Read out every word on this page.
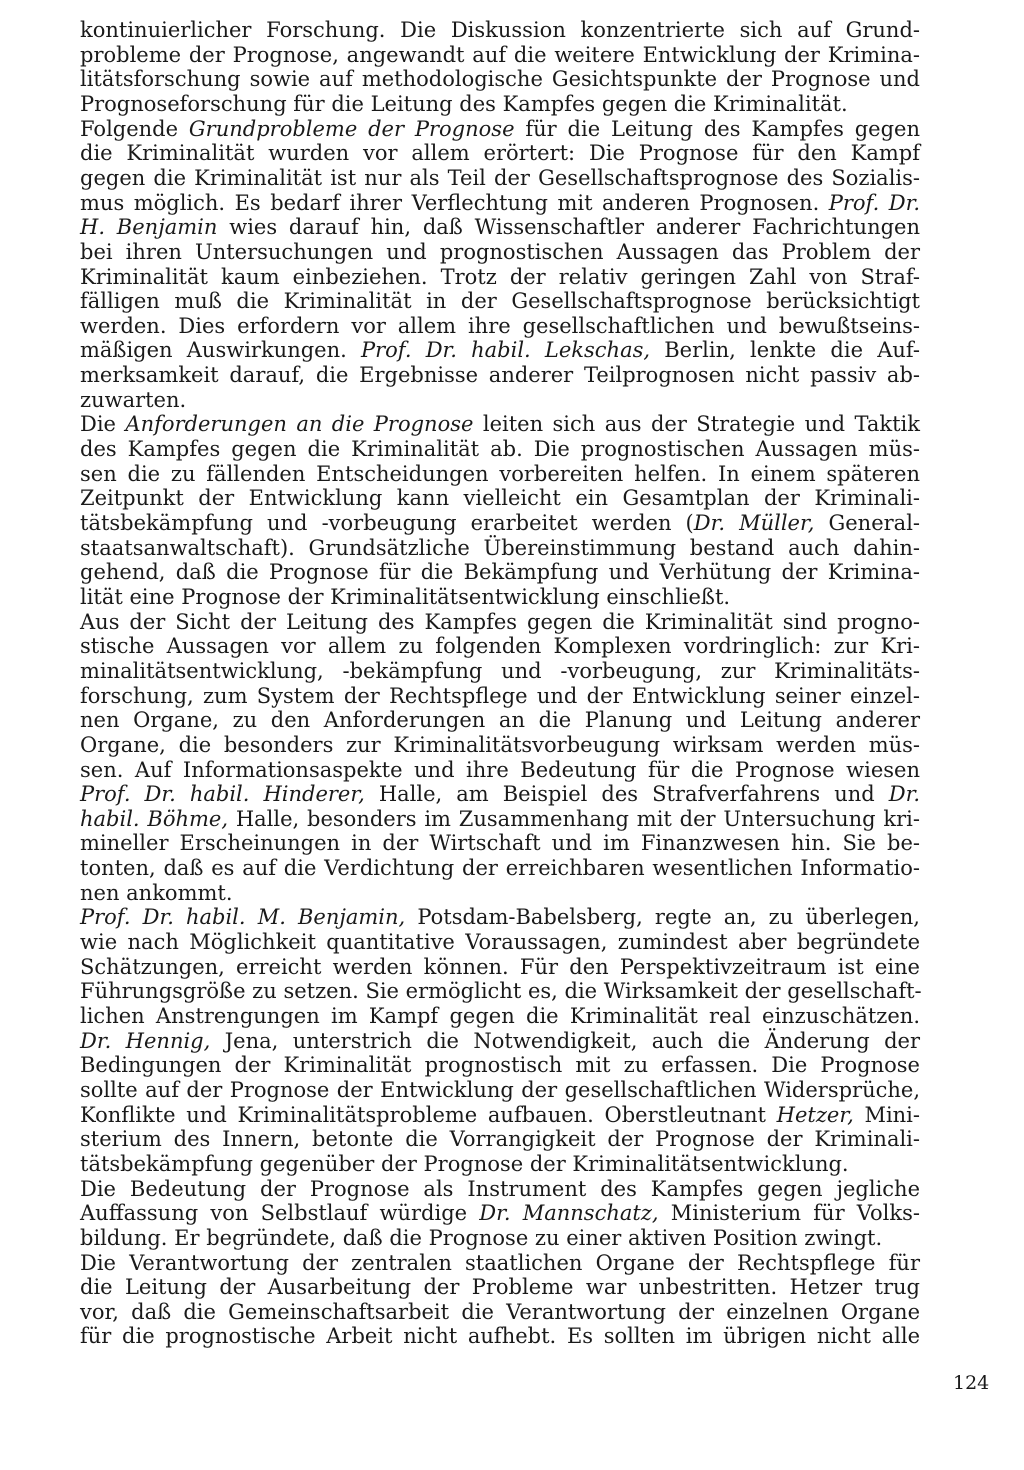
kontinuierlicher Forschung. Die Diskussion konzentrierte sich auf Grund-
probleme der Prognose, angewandt auf die weitere Entwicklung der Krimina-
litätsforschung sowie auf methodologische Gesichtspunkte der Prognose und
Prognoseforschung für die Leitung des Kampfes gegen die Kriminalität.
Folgende Grundprobleme der Prognose für die Leitung des Kampfes gegen
die Kriminalität wurden vor allem erörtert: Die Prognose für den Kampf
gegen die Kriminalität ist nur als Teil der Gesellschaftsprognose des Sozialis-
mus möglich. Es bedarf ihrer Verflechtung mit anderen Prognosen. Prof. Dr.
H. Benjamin wies darauf hin, daß Wissenschaftler anderer Fachrichtungen
bei ihren Untersuchungen und prognostischen Aussagen das Problem der
Kriminalität kaum einbeziehen. Trotz der relativ geringen Zahl von Straf-
fälligen muß die Kriminalität in der Gesellschaftsprognose berücksichtigt
werden. Dies erfordern vor allem ihre gesellschaftlichen und bewußtseins-
mäßigen Auswirkungen. Prof. Dr. habil. Lekschas, Berlin, lenkte die Auf-
merksamkeit darauf, die Ergebnisse anderer Teilprognosen nicht passiv ab-
zuwarten.
Die Anforderungen an die Prognose leiten sich aus der Strategie und Taktik
des Kampfes gegen die Kriminalität ab. Die prognostischen Aussagen müs-
sen die zu fällenden Entscheidungen vorbereiten helfen. In einem späteren
Zeitpunkt der Entwicklung kann vielleicht ein Gesamtplan der Kriminali-
tätsbekämpfung und -vorbeugung erarbeitet werden (Dr. Müller, General-
staatsanwaltschaft). Grundsätzliche Übereinstimmung bestand auch dahin-
gehend, daß die Prognose für die Bekämpfung und Verhütung der Krimina-
lität eine Prognose der Kriminalitätsentwicklung einschließt.
Aus der Sicht der Leitung des Kampfes gegen die Kriminalität sind progno-
stische Aussagen vor allem zu folgenden Komplexen vordringlich: zur Kri-
minalitätsentwicklung, -bekämpfung und -vorbeugung, zur Kriminalitäts-
forschung, zum System der Rechtspflege und der Entwicklung seiner einzel-
nen Organe, zu den Anforderungen an die Planung und Leitung anderer
Organe, die besonders zur Kriminalitätsvorbeugung wirksam werden müs-
sen. Auf Informationsaspekte und ihre Bedeutung für die Prognose wiesen
Prof. Dr. habil. Hinderer, Halle, am Beispiel des Strafverfahrens und Dr.
habil. Böhme, Halle, besonders im Zusammenhang mit der Untersuchung kri-
mineller Erscheinungen in der Wirtschaft und im Finanzwesen hin. Sie be-
tonten, daß es auf die Verdichtung der erreichbaren wesentlichen Informatio-
nen ankommt.
Prof. Dr. habil. M. Benjamin, Potsdam-Babelsberg, regte an, zu überlegen,
wie nach Möglichkeit quantitative Voraussagen, zumindest aber begründete
Schätzungen, erreicht werden können. Für den Perspektivzeitraum ist eine
Führungsgröße zu setzen. Sie ermöglicht es, die Wirksamkeit der gesellschaft-
lichen Anstrengungen im Kampf gegen die Kriminalität real einzuschätzen.
Dr. Hennig, Jena, unterstrich die Notwendigkeit, auch die Änderung der
Bedingungen der Kriminalität prognostisch mit zu erfassen. Die Prognose
sollte auf der Prognose der Entwicklung der gesellschaftlichen Widersprüche,
Konflikte und Kriminalitätsprobleme aufbauen. Oberstleutnant Hetzer, Mini-
sterium des Innern, betonte die Vorrangigkeit der Prognose der Kriminali-
tätsbekämpfung gegenüber der Prognose der Kriminalitätsentwicklung.
Die Bedeutung der Prognose als Instrument des Kampfes gegen jegliche
Auffassung von Selbstlauf würdige Dr. Mannschatz, Ministerium für Volks-
bildung. Er begründete, daß die Prognose zu einer aktiven Position zwingt.
Die Verantwortung der zentralen staatlichen Organe der Rechtspflege für
die Leitung der Ausarbeitung der Probleme war unbestritten. Hetzer trug
vor, daß die Gemeinschaftsarbeit die Verantwortung der einzelnen Organe
für die prognostische Arbeit nicht aufhebt. Es sollten im übrigen nicht alle
124
